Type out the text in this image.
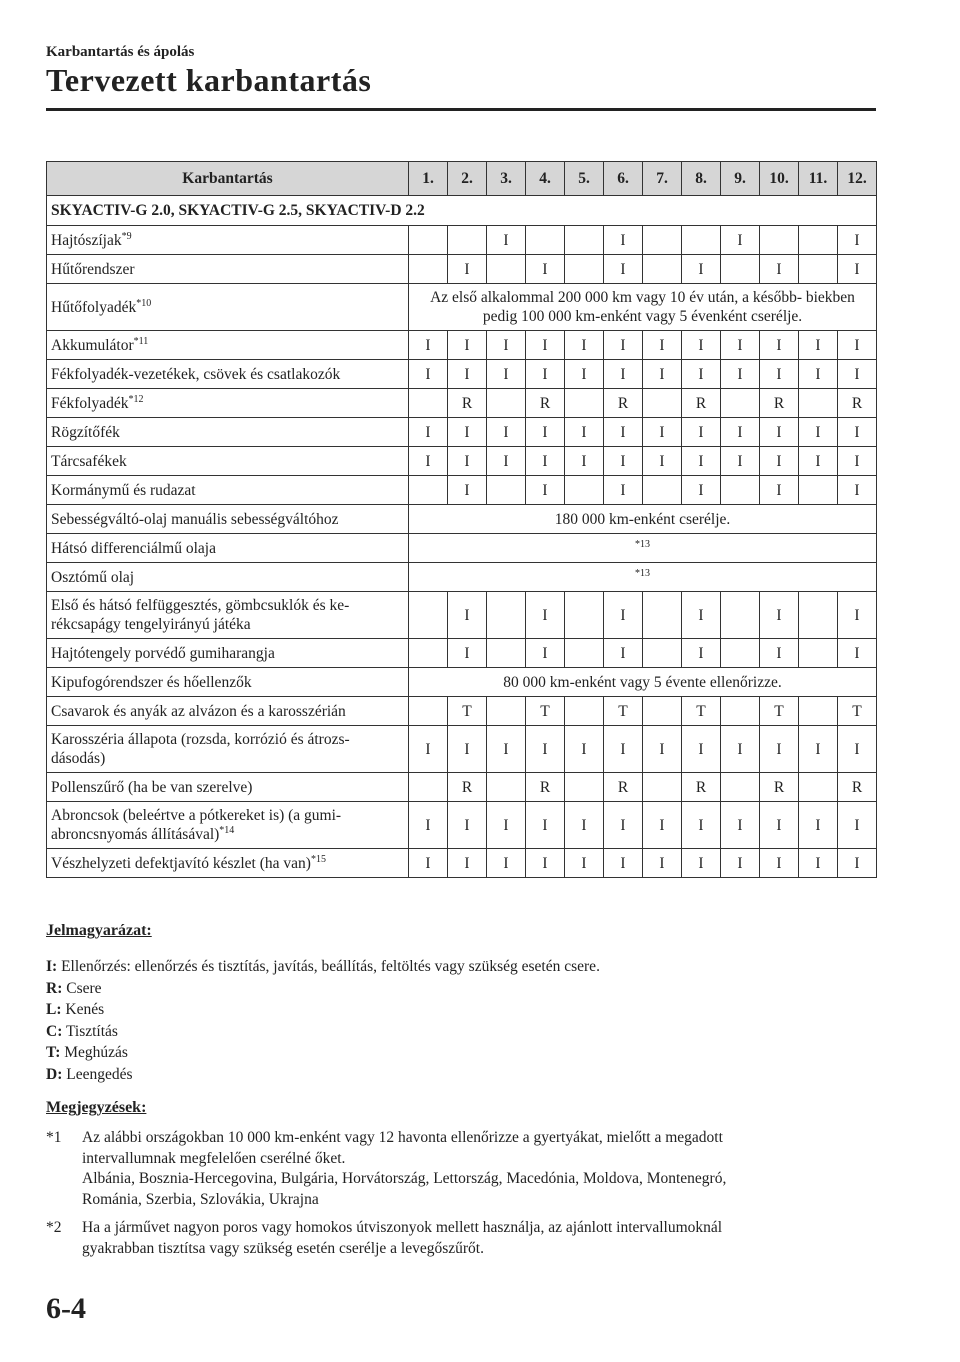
Karbantartás és ápolás
Tervezett karbantartás
Karbantartás	1.	2.	3.	4.	5.	6.	7.	8.	9.	10.	11.	12.
SKYACTIV-G 2.0, SKYACTIV-G 2.5, SKYACTIV-D 2.2												
Hajtószíjak$^{*9}$			I			I			I			I
Hűtőrendszer		I		I		I		I		I		I
Hűtőfolyadék$^{*10}$	Az első alkalommal 200 000 km vagy 10 év után, a később- biekben pedig 100 000 km-enként vagy 5 évenként cserélje.											
Akkumulátor$^{*11}$	I	I	I	I	I	I	I	I	I	I	I	I
Fékfolyadék-vezetékek, csövek és csatlakozók	I	I	I	I	I	I	I	I	I	I	I	I
Fékfolyadék$^{*12}$		R		R		R		R		R		R
Rögzítőfék	I	I	I	I	I	I	I	I	I	I	I	I
Tárcsafékek	I	I	I	I	I	I	I	I	I	I	I	I
Kormánymű és rudazat		I		I		I		I		I		I
Sebességváltó-olaj manuális sebességváltóhoz	180 000 km-enként cserélje.											
Hátsó differenciálmű olaja	$^{*13}$
Osztómű olaj	$^{*13}$
Első és hátsó felfüggesztés, gömbcsuklók és ke- rékcsapágy tengelyirányú játéka		I		I		I		I		I		I
Hajtótengely porvédő gumiharangja		I		I		I		I		I		I
Kipufogórendszer és hőellenzők	80 000 km-enként vagy 5 évente ellenőrizze.											
Csavarok és anyák az alvázon és a karosszérián		T		T		T		T		T		T
Karosszéria állapota (rozsda, korrózió és átrozs- dásodás)	I	I	I	I	I	I	I	I	I	I	I	I
Pollenszűrő (ha be van szerelve)		R		R		R		R		R		R
Abroncsok (beleértve a pótkereket is) (a gumi- abroncsnyomás állításával)$^{*14}$	I	I	I	I	I	I	I	I	I	I	I	I
Vészhelyzeti defektjavító készlet (ha van)$^{*15}$	I	I	I	I	I	I	I	I	I	I	I	I
Jelmagyarázat:
I: Ellenőrzés: ellenőrzés és tisztítás, javítás, beállítás, feltöltés vagy szükség esetén csere.
R: Csere
L: Kenés
C: Tisztítás
T: Meghúzás
D: Leengedés
Megjegyzések:
*1 Az alábbi országokban 10 000 km-enként vagy 12 havonta ellenőrizze a gyertyákat, mielőtt a megadott
intervallumnak megfelelően cserélné őket.
Albánia, Bosznia-Hercegovina, Bulgária, Horvátország, Lettország, Macedónia, Moldova, Montenegró,
Románia, Szerbia, Szlovákia, Ukrajna
*2 Ha a járművet nagyon poros vagy homokos útviszonyok mellett használja, az ajánlott intervallumoknál
gyakrabban tisztítsa vagy szükség esetén cserélje a levegőszűrőt.
6-4
